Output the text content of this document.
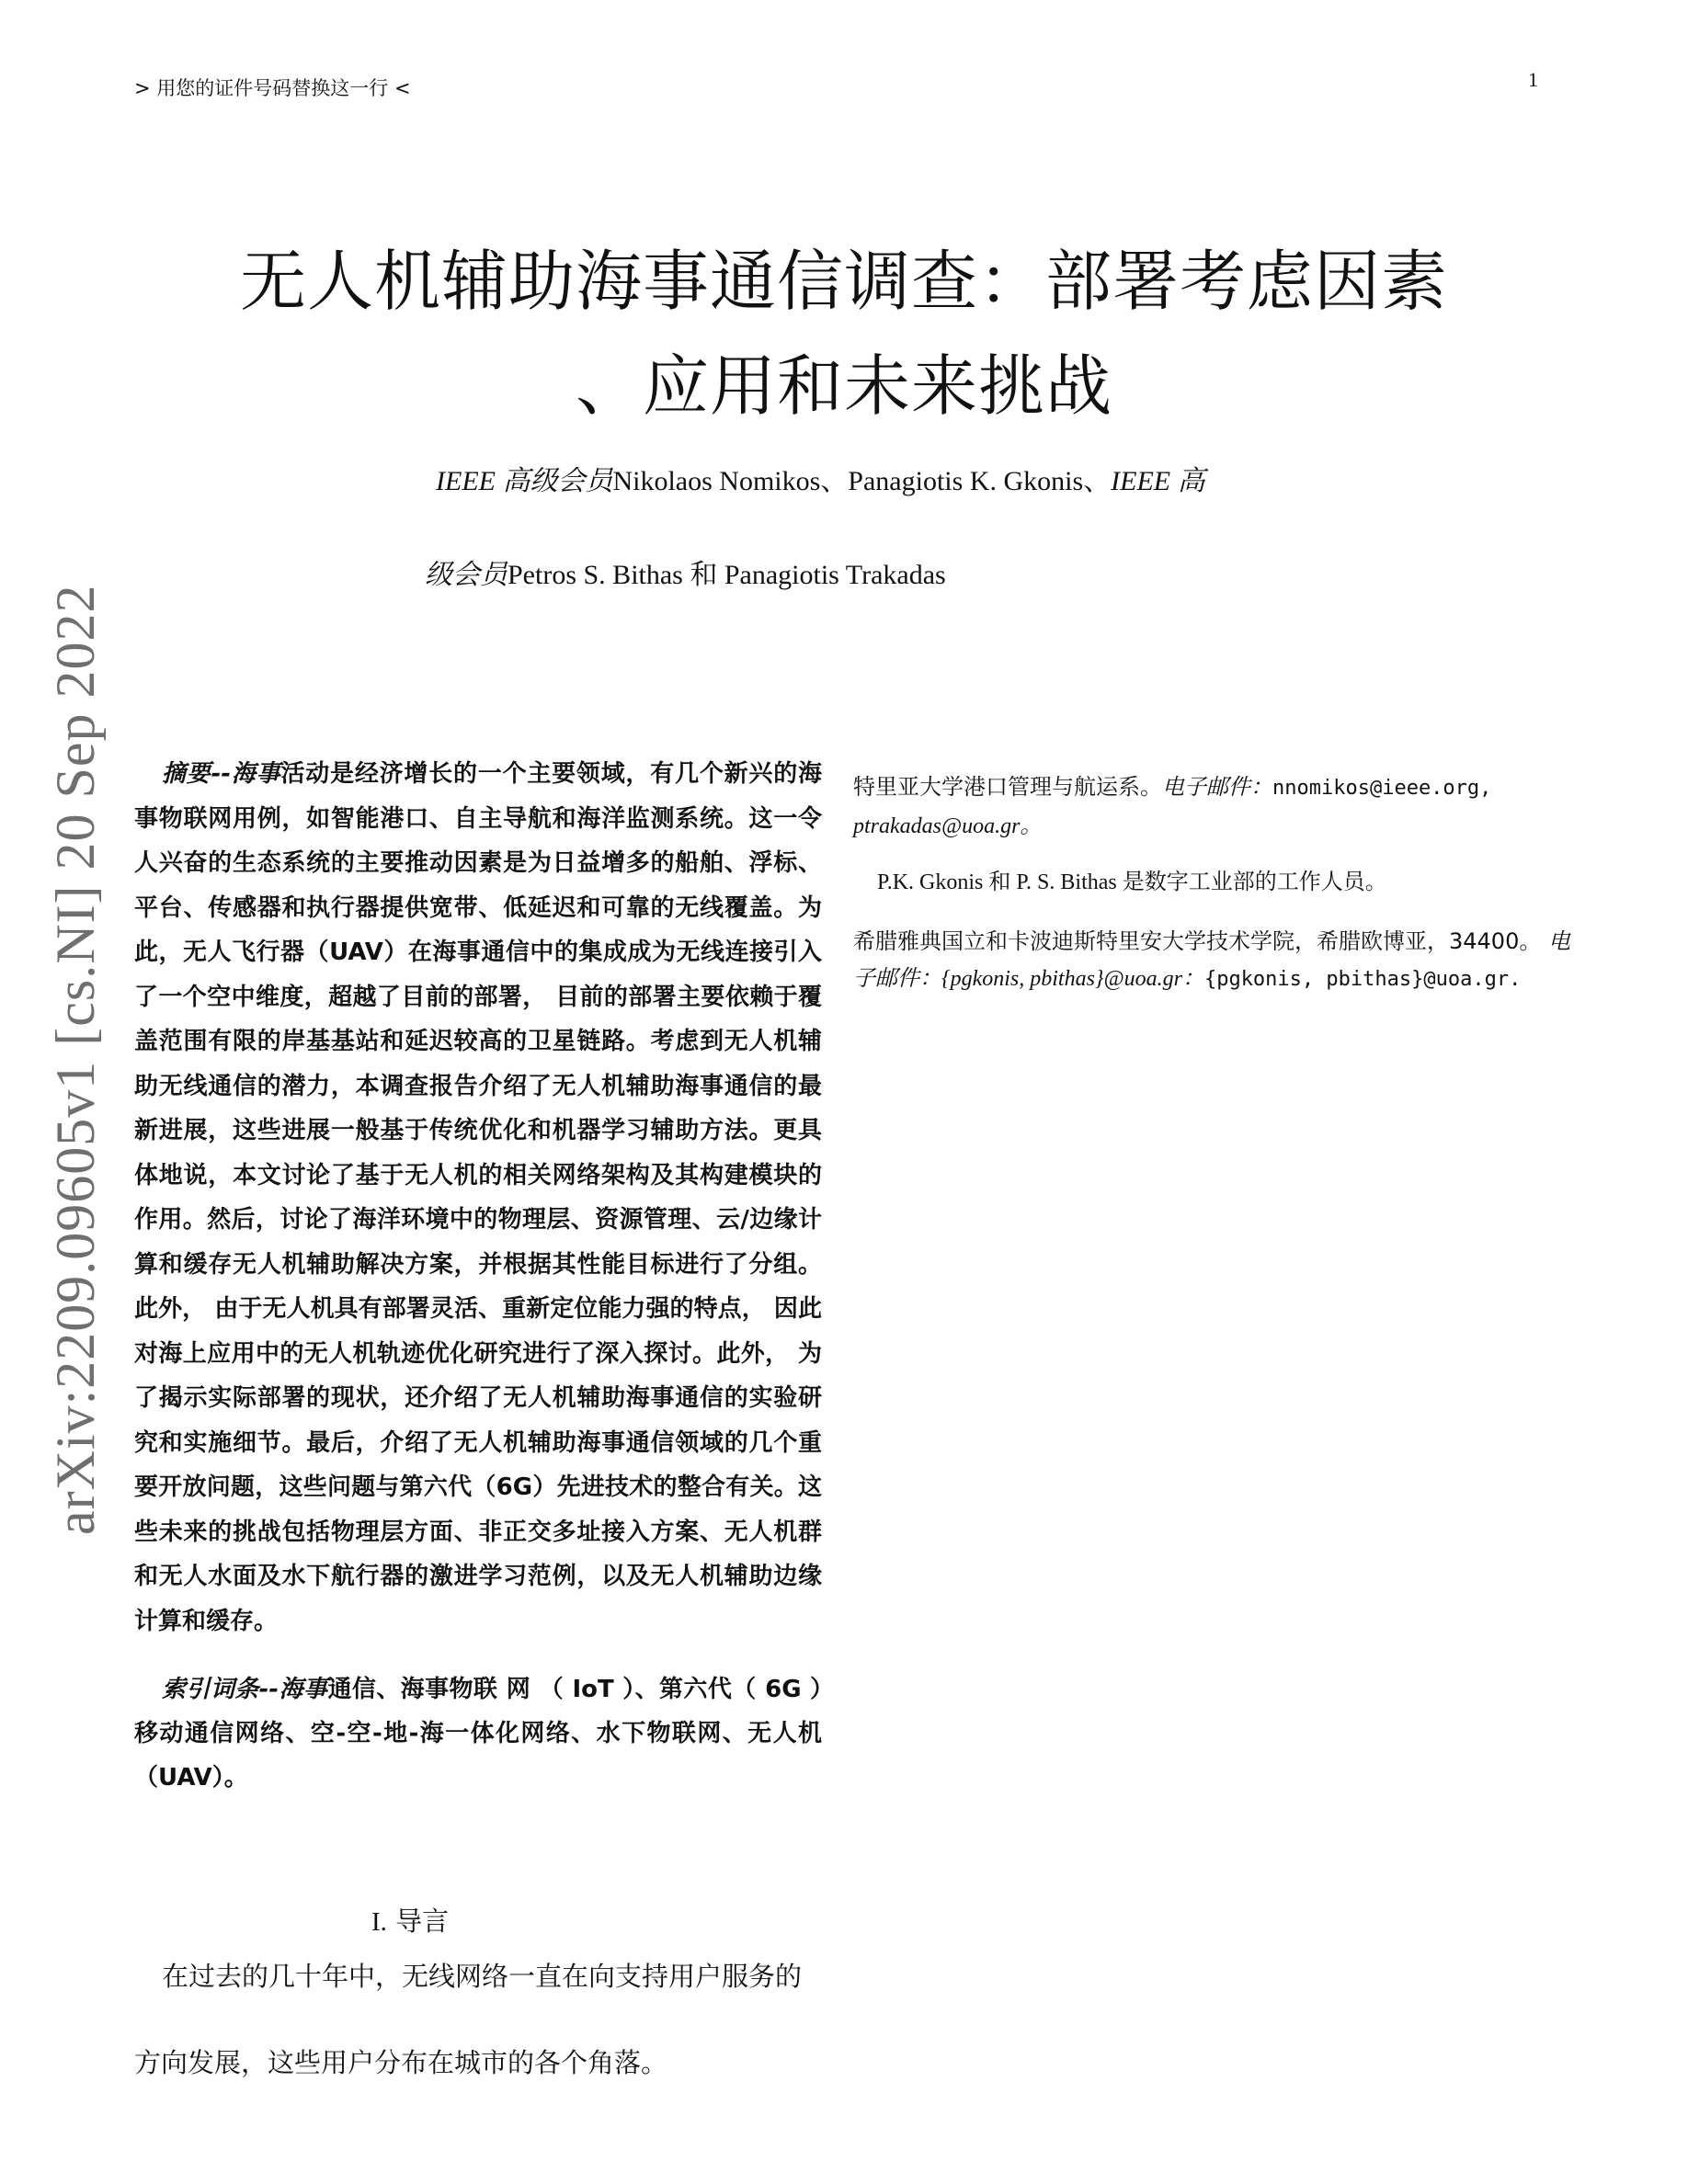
> 用您的证件号码替换这一行 <	1
无人机辅助海事通信调查：部署考虑因素
、应用和未来挑战
IEEE 高级会员Nikolaos Nomikos、Panagiotis K. Gkonis、IEEE 高
级会员Petros S. Bithas 和 Panagiotis Trakadas
arXiv:2209.09605v1 [cs.NI] 20 Sep 2022	摘要--海事活动是经济增长的一个主要领域，有几个新兴的海事物联网用例，如智能港口、自主导航和海洋监测系统。这一令人兴奋的生态系统的主要推动因素是为日益增多的船舶、浮标、平台、传感器和执行器提供宽带、低延迟和可靠的无线覆盖。为此，无人飞行器（UAV）在海事通信中的集成成为无线连接引入了一个空中维度，超越了目前的部署， 目前的部署主要依赖于覆盖范围有限的岸基基站和延迟较高的卫星链路。考虑到无人机辅助无线通信的潜力，本调查报告介绍了无人机辅助海事通信的最新进展，这些进展一般基于传统优化和机器学习辅助方法。更具体地说，本文讨论了基于无人机的相关网络架构及其构建模块的作用。然后，讨论了海洋环境中的物理层、资源管理、云/边缘计算和缓存无人机辅助解决方案，并根据其性能目标进行了分组。此外， 由于无人机具有部署灵活、重新定位能力强的特点， 因此对海上应用中的无人机轨迹优化研究进行了深入探讨。此外， 为了揭示实际部署的现状，还介绍了无人机辅助海事通信的实验研究和实施细节。最后，介绍了无人机辅助海事通信领域的几个重要开放问题，这些问题与第六代（6G）先进技术的整合有关。这些未来的挑战包括物理层方面、非正交多址接入方案、无人机群和无人水面及水下航行器的激进学习范例，以及无人机辅助边缘计算和缓存。
索引词条--海事通信、海事物联 网 （ IoT ）、第六代（ 6G ）移动通信网络、空-空-地-海一体化网络、水下物联网、无人机（UAV）。
I. 导言
在过去的几十年中，无线网络一直在向支持用户服务的
方向发展，这些用户分布在城市的各个角落。
特里亚大学港口管理与航运系。电子邮件：nnomikos@ieee.org,
ptrakadas@uoa.gr。
P.K. Gkonis 和 P. S. Bithas 是数字工业部的工作人员。
希腊雅典国立和卡波迪斯特里安大学技术学院，希腊欧博亚，34400。 电子邮件：{pgkonis, pbithas}@uoa.gr：{pgkonis, pbithas}@uoa.gr.
